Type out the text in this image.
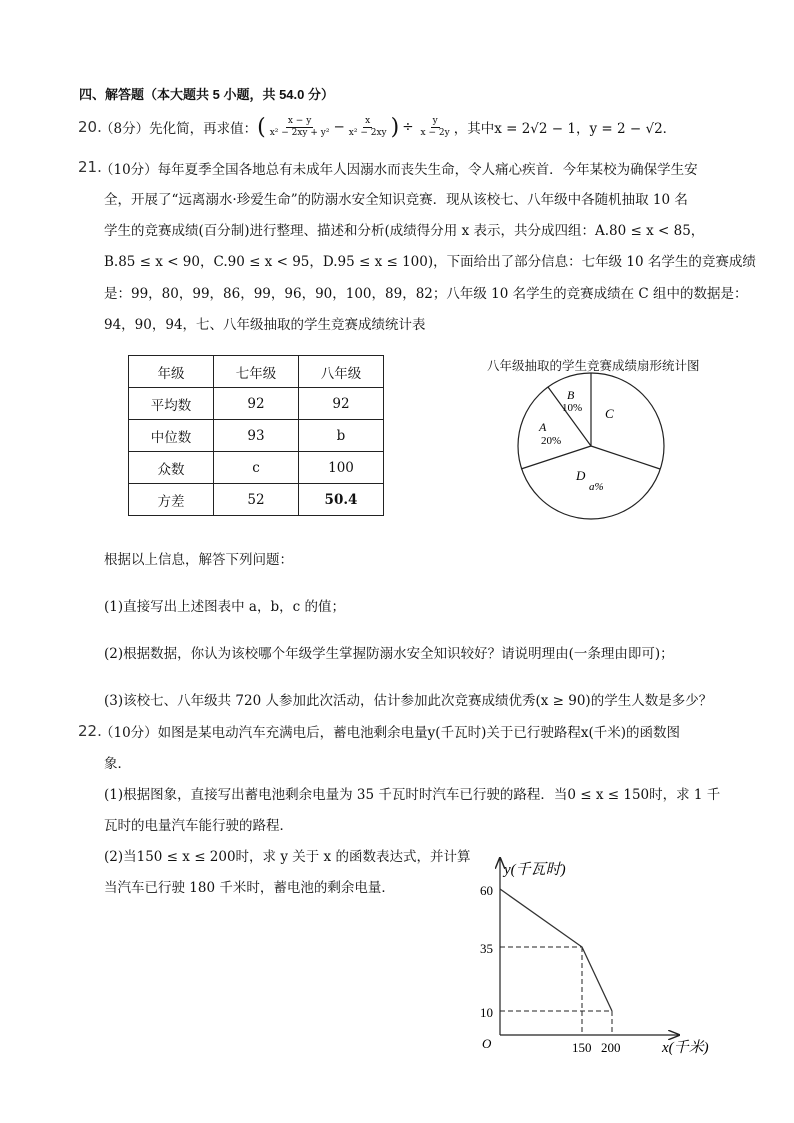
四、解答题（本大题共 5 小题，共 54.0 分）
20.
（8分）先化简，再求值： ( $\frac{x - y}{\text{x² − 2xy + y²}} - \frac{x}{\text{x² − 2xy}}$ ) ÷ $\frac{y}{x - 2y}$ ，其中x = 2√2 − 1，y = 2 − √2．
21.
（10分）每年夏季全国各地总有未成年人因溺水而丧失生命，令人痛心疾首．今年某校为确保学生安
全，开展了“远离溺水·珍爱生命”的防溺水安全知识竞赛．现从该校七、八年级中各随机抽取 10 名
学生的竞赛成绩(百分制)进行整理、描述和分析(成绩得分用 x 表示，共分成四组：A.80 ≤ x < 85，
B.85 ≤ x < 90，C.90 ≤ x < 95，D.95 ≤ x ≤ 100)，下面给出了部分信息：七年级 10 名学生的竞赛成绩
是：99，80，99，86，99，96，90，100，89，82；八年级 10 名学生的竞赛成绩在 C 组中的数据是：
94，90，94，七、八年级抽取的学生竞赛成绩统计表
年级	七年级	八年级
平均数	92	92
中位数	93	b
众数	c	100
方差	52	50.4
八年级抽取的学生竞赛成绩扇形统计图
B
10%
A
20%
C
D
a%
根据以上信息，解答下列问题：
(1)直接写出上述图表中 a，b，c 的值；
(2)根据数据，你认为该校哪个年级学生掌握防溺水安全知识较好？请说明理由(一条理由即可)；
(3)该校七、八年级共 720 人参加此次活动，估计参加此次竞赛成绩优秀(x ≥ 90)的学生人数是多少？
22.
（10分）如图是某电动汽车充满电后，蓄电池剩余电量y(千瓦时)关于已行驶路程x(千米)的函数图
象．
(1)根据图象，直接写出蓄电池剩余电量为 35 千瓦时时汽车已行驶的路程．当0 ≤ x ≤ 150时，求 1 千
瓦时的电量汽车能行驶的路程．
(2)当150 ≤ x ≤ 200时，求 y 关于 x 的函数表达式，并计算
当汽车已行驶 180 千米时，蓄电池的剩余电量．
y(千瓦时)
60
35
10
O	150 200	x(千米)
